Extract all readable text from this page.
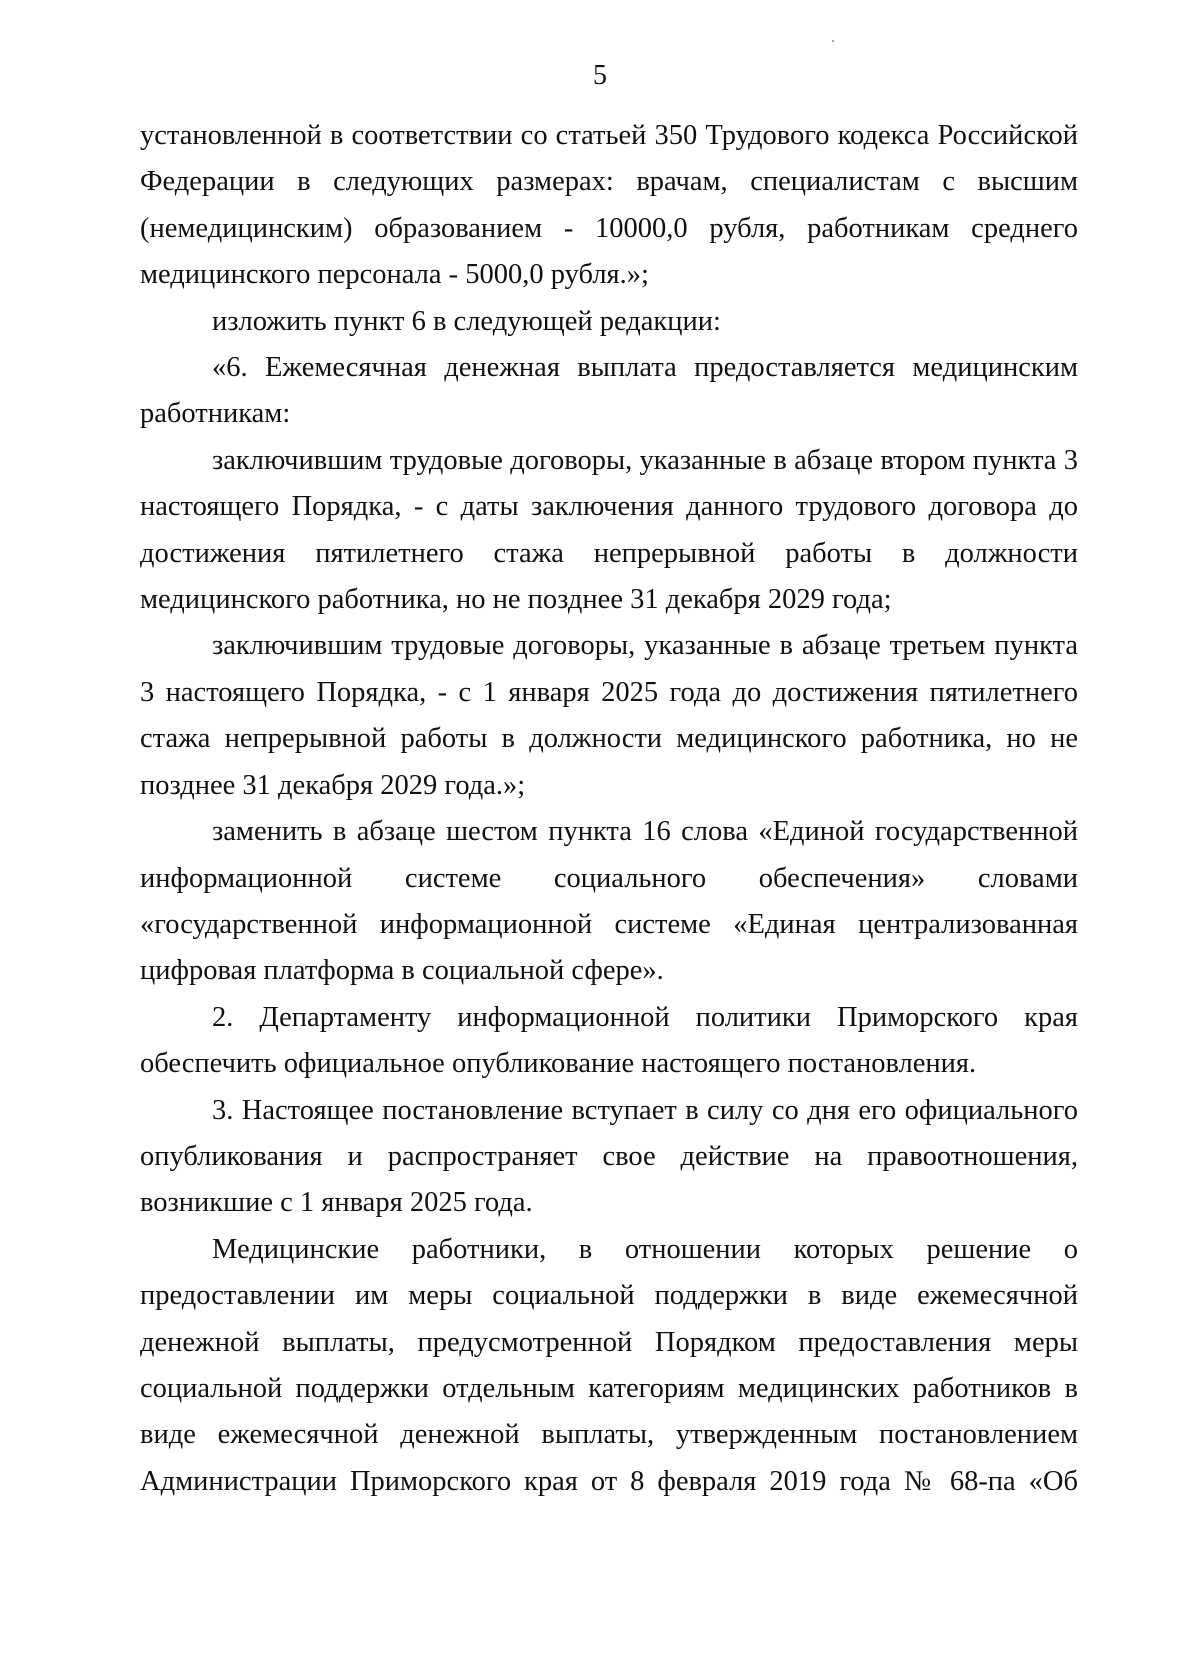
5

установленной в соответствии со статьей 350 Трудового кодекса Российской Федерации в следующих размерах: врачам, специалистам с высшим (немедицинским) образованием - 10000,0 рубля, работникам среднего медицинского персонала - 5000,0 рубля.»;

изложить пункт 6 в следующей редакции:

«6. Ежемесячная денежная выплата предоставляется медицинским работникам:

заключившим трудовые договоры, указанные в абзаце втором пункта 3 настоящего Порядка, - с даты заключения данного трудового договора до достижения пятилетнего стажа непрерывной работы в должности медицинского работника, но не позднее 31 декабря 2029 года;

заключившим трудовые договоры, указанные в абзаце третьем пункта 3 настоящего Порядка, - с 1 января 2025 года до достижения пятилетнего стажа непрерывной работы в должности медицинского работника, но не позднее 31 декабря 2029 года.»;

заменить в абзаце шестом пункта 16 слова «Единой государственной информационной системе социального обеспечения» словами «государственной информационной системе «Единая централизованная цифровая платформа в социальной сфере».

2. Департаменту информационной политики Приморского края обеспечить официальное опубликование настоящего постановления.

3. Настоящее постановление вступает в силу со дня его официального опубликования и распространяет свое действие на правоотношения, возникшие с 1 января 2025 года.

Медицинские работники, в отношении которых решение о предоставлении им меры социальной поддержки в виде ежемесячной денежной выплаты, предусмотренной Порядком предоставления меры социальной поддержки отдельным категориям медицинских работников в виде ежемесячной денежной выплаты, утвержденным постановлением Администрации Приморского края от 8 февраля 2019 года № 68-па «Об
